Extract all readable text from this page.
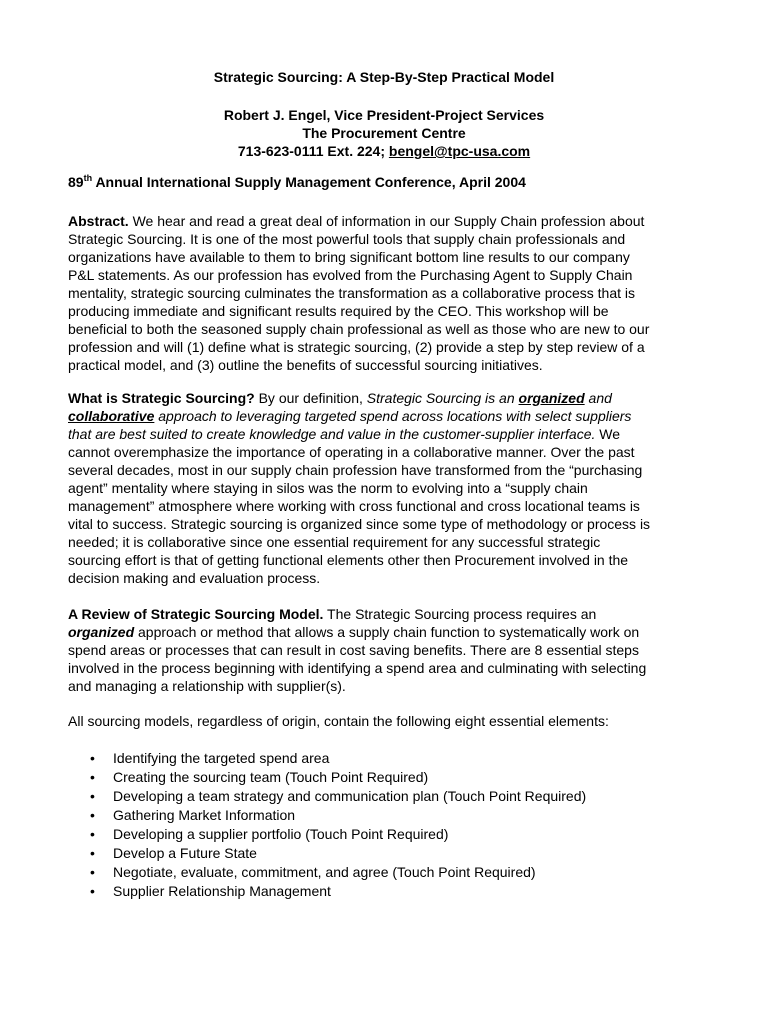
Strategic Sourcing: A Step-By-Step Practical Model
Robert J. Engel, Vice President-Project Services
The Procurement Centre
713-623-0111 Ext. 224; bengel@tpc-usa.com
89th Annual International Supply Management Conference, April 2004
Abstract. We hear and read a great deal of information in our Supply Chain profession about
Strategic Sourcing. It is one of the most powerful tools that supply chain professionals and
organizations have available to them to bring significant bottom line results to our company
P&L statements. As our profession has evolved from the Purchasing Agent to Supply Chain
mentality, strategic sourcing culminates the transformation as a collaborative process that is
producing immediate and significant results required by the CEO. This workshop will be
beneficial to both the seasoned supply chain professional as well as those who are new to our
profession and will (1) define what is strategic sourcing, (2) provide a step by step review of a
practical model, and (3) outline the benefits of successful sourcing initiatives.
What is Strategic Sourcing? By our definition, Strategic Sourcing is an organized and
collaborative approach to leveraging targeted spend across locations with select suppliers
that are best suited to create knowledge and value in the customer-supplier interface. We
cannot overemphasize the importance of operating in a collaborative manner. Over the past
several decades, most in our supply chain profession have transformed from the “purchasing
agent” mentality where staying in silos was the norm to evolving into a “supply chain
management” atmosphere where working with cross functional and cross locational teams is
vital to success. Strategic sourcing is organized since some type of methodology or process is
needed; it is collaborative since one essential requirement for any successful strategic
sourcing effort is that of getting functional elements other then Procurement involved in the
decision making and evaluation process.
A Review of Strategic Sourcing Model. The Strategic Sourcing process requires an
organized approach or method that allows a supply chain function to systematically work on
spend areas or processes that can result in cost saving benefits. There are 8 essential steps
involved in the process beginning with identifying a spend area and culminating with selecting
and managing a relationship with supplier(s).
All sourcing models, regardless of origin, contain the following eight essential elements:
• Identifying the targeted spend area
• Creating the sourcing team (Touch Point Required)
• Developing a team strategy and communication plan (Touch Point Required)
• Gathering Market Information
• Developing a supplier portfolio (Touch Point Required)
• Develop a Future State
• Negotiate, evaluate, commitment, and agree (Touch Point Required)
• Supplier Relationship Management
